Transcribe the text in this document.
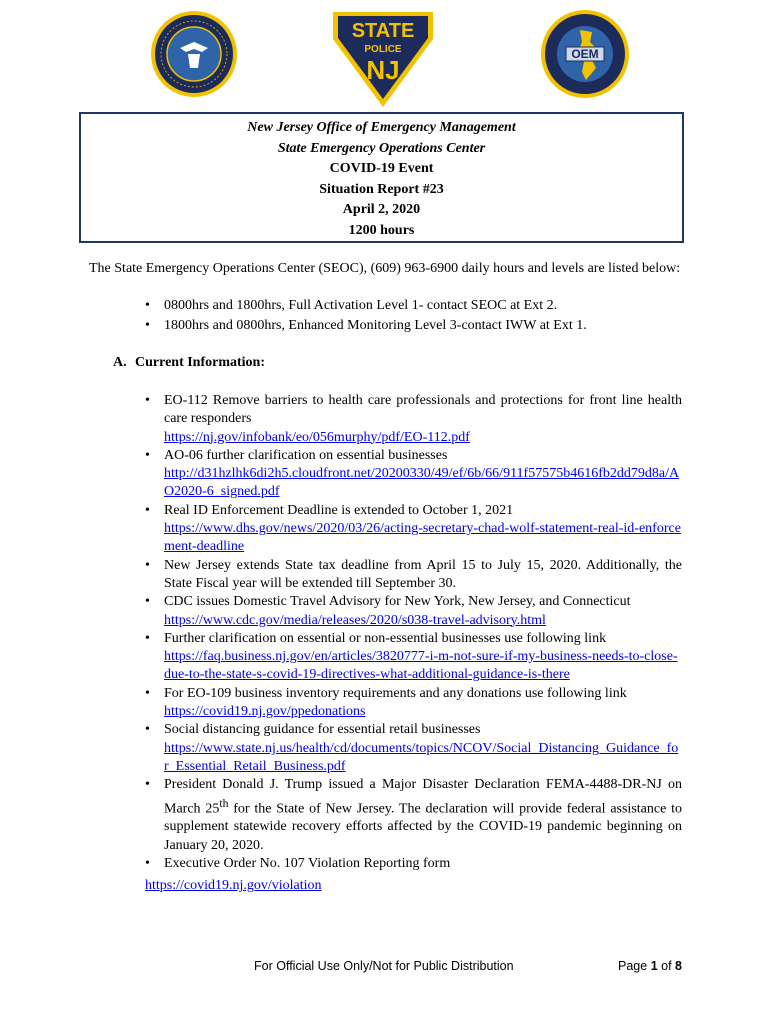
STATE
POLICE
NJ
OEM
New Jersey Office of Emergency Management
State Emergency Operations Center
COVID-19 Event
Situation Report #23
April 2, 2020
1200 hours
The State Emergency Operations Center (SEOC), (609) 963-6900 daily hours and levels are listed below:
• 0800hrs and 1800hrs, Full Activation Level 1- contact SEOC at Ext 2.
• 1800hrs and 0800hrs, Enhanced Monitoring Level 3-contact IWW at Ext 1.
A. Current Information:
• EO-112 Remove barriers to health care professionals and protections for front line health care responders
https://nj.gov/infobank/eo/056murphy/pdf/EO-112.pdf
• AO-06 further clarification on essential businesses
http://d31hzlhk6di2h5.cloudfront.net/20200330/49/ef/6b/66/911f57575b4616fb2dd79d8a/AO2020-6_signed.pdf
• Real ID Enforcement Deadline is extended to October 1, 2021
https://www.dhs.gov/news/2020/03/26/acting-secretary-chad-wolf-statement-real-id-enforcement-deadline
• New Jersey extends State tax deadline from April 15 to July 15, 2020. Additionally, the State Fiscal year will be extended till September 30.
• CDC issues Domestic Travel Advisory for New York, New Jersey, and Connecticut
https://www.cdc.gov/media/releases/2020/s038-travel-advisory.html
• Further clarification on essential or non-essential businesses use following link
https://faq.business.nj.gov/en/articles/3820777-i-m-not-sure-if-my-business-needs-to-close-due-to-the-state-s-covid-19-directives-what-additional-guidance-is-there
• For EO-109 business inventory requirements and any donations use following link
https://covid19.nj.gov/ppedonations
• Social distancing guidance for essential retail businesses
https://www.state.nj.us/health/cd/documents/topics/NCOV/Social_Distancing_Guidance_for_Essential_Retail_Business.pdf
• President Donald J. Trump issued a Major Disaster Declaration FEMA-4488-DR-NJ on March 25th for the State of New Jersey. The declaration will provide federal assistance to supplement statewide recovery efforts affected by the COVID-19 pandemic beginning on January 20, 2020.
• Executive Order No. 107 Violation Reporting form
https://covid19.nj.gov/violation
For Official Use Only/Not for Public Distribution	Page 1 of 8
